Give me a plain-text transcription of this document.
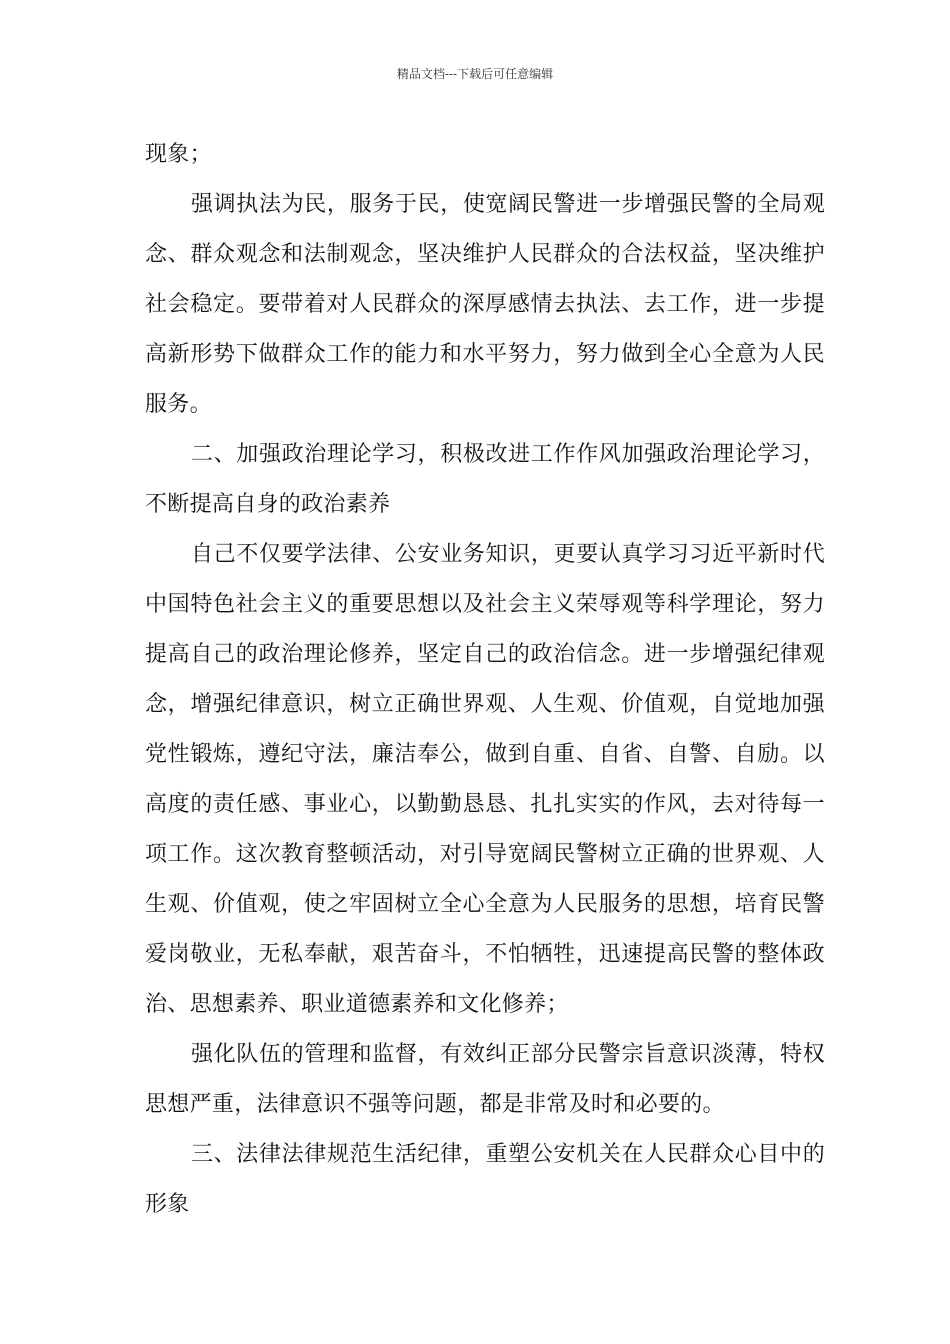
精品文档---下载后可任意编辑

现象；

强调执法为民，服务于民，使宽阔民警进一步增强民警的全局观念、群众观念和法制观念，坚决维护人民群众的合法权益，坚决维护社会稳定。要带着对人民群众的深厚感情去执法、去工作，进一步提高新形势下做群众工作的能力和水平努力，努力做到全心全意为人民服务。

二、加强政治理论学习，积极改进工作作风加强政治理论学习，不断提高自身的政治素养

自己不仅要学法律、公安业务知识，更要认真学习习近平新时代中国特色社会主义的重要思想以及社会主义荣辱观等科学理论，努力提高自己的政治理论修养，坚定自己的政治信念。进一步增强纪律观念，增强纪律意识，树立正确世界观、人生观、价值观，自觉地加强党性锻炼，遵纪守法，廉洁奉公，做到自重、自省、自警、自励。以高度的责任感、事业心，以勤勤恳恳、扎扎实实的作风，去对待每一项工作。这次教育整顿活动，对引导宽阔民警树立正确的世界观、人生观、价值观，使之牢固树立全心全意为人民服务的思想，培育民警爱岗敬业，无私奉献，艰苦奋斗，不怕牺牲，迅速提高民警的整体政治、思想素养、职业道德素养和文化修养；

强化队伍的管理和监督，有效纠正部分民警宗旨意识淡薄，特权思想严重，法律意识不强等问题，都是非常及时和必要的。

三、法律法律规范生活纪律，重塑公安机关在人民群众心目中的形象
